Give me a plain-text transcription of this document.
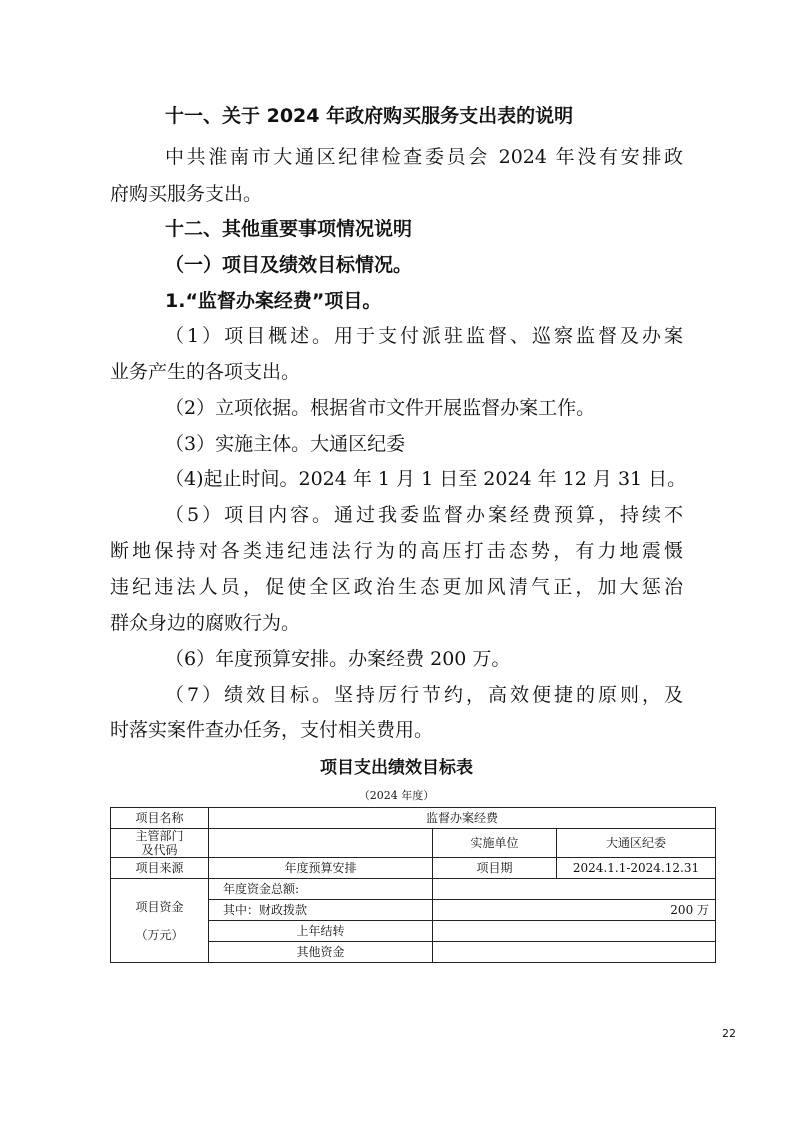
十一、关于 2024 年政府购买服务支出表的说明
中共淮南市大通区纪律检查委员会 2024 年没有安排政
府购买服务支出。
十二、其他重要事项情况说明
（一）项目及绩效目标情况。
1.“监督办案经费”项目。
（1）项目概述。用于支付派驻监督、巡察监督及办案
业务产生的各项支出。
（2）立项依据。根据省市文件开展监督办案工作。
（3）实施主体。大通区纪委
（4)起止时间。2024 年 1 月 1 日至 2024 年 12 月 31 日。
（5）项目内容。通过我委监督办案经费预算，持续不
断地保持对各类违纪违法行为的高压打击态势，有力地震慑
违纪违法人员，促使全区政治生态更加风清气正，加大惩治
群众身边的腐败行为。
（6）年度预算安排。办案经费 200 万。
（7）绩效目标。坚持厉行节约，高效便捷的原则，及
时落实案件查办任务，支付相关费用。
项目支出绩效目标表
（2024 年度）
项目名称	监督办案经费		
主管部门
及代码		实施单位	大通区纪委
项目来源	年度预算安排	项目期	2024.1.1-2024.12.31
项目资金

（万元）	年度资金总额:		
	其中：财政拨款	200 万	
	上年结转		
	其他资金		
22
